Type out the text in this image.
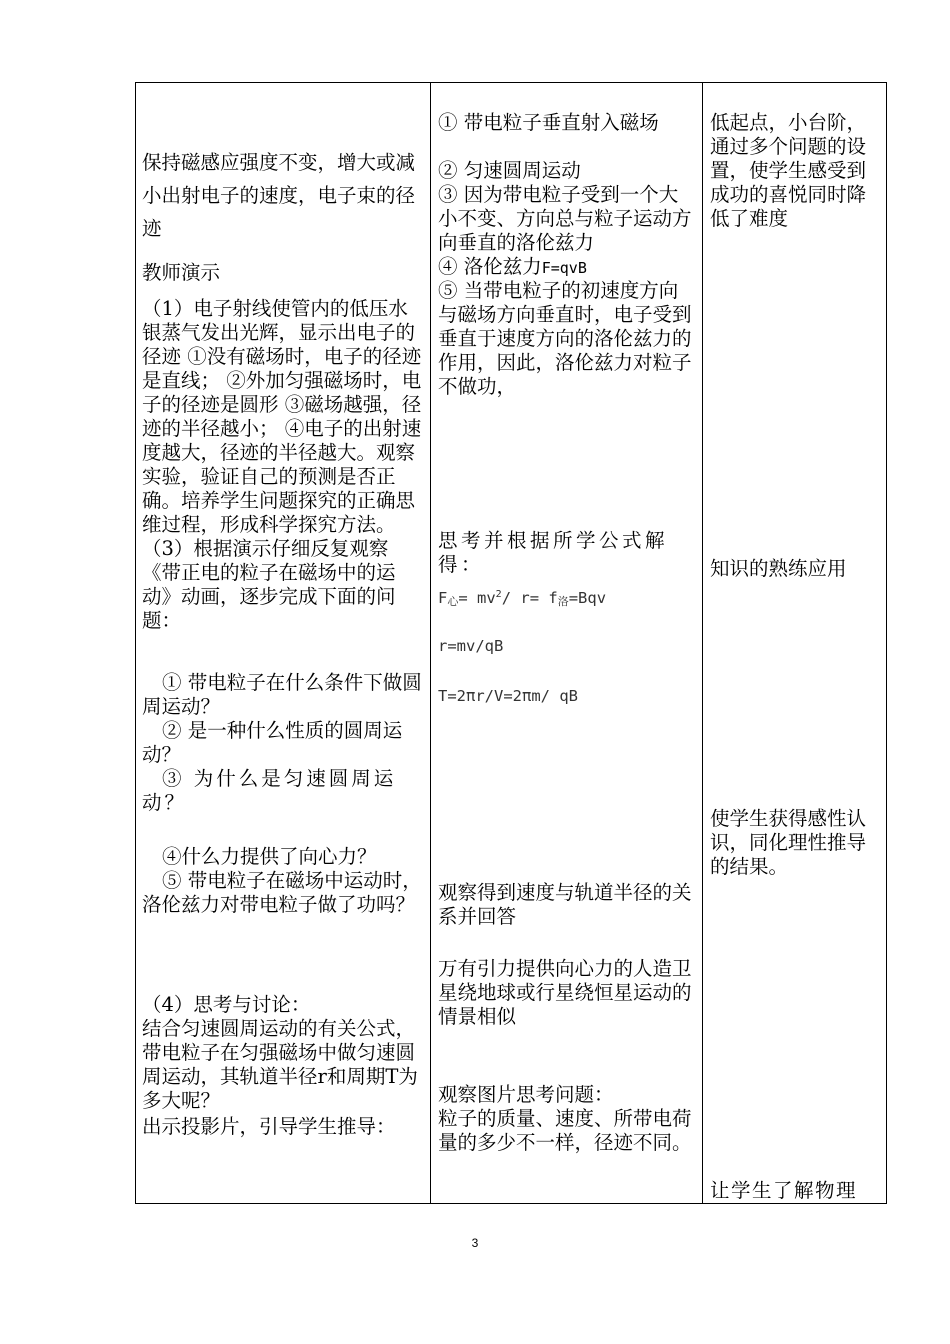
保持磁感应强度不变，增大或减小出射电子的速度，电子束的径迹

教师演示

（1）电子射线使管内的低压水银蒸气发出光辉，显示出电子的径迹 ①没有磁场时，电子的径迹是直线； ②外加匀强磁场时，电子的径迹是圆形 ③磁场越强，径迹的半径越小； ④电子的出射速度越大，径迹的半径越大。观察实验，验证自己的预测是否正确。培养学生问题探究的正确思维过程，形成科学探究方法。（3）根据演示仔细反复观察《带正电的粒子在磁场中的运动》动画，逐步完成下面的问题：

① 带电粒子在什么条件下做圆周运动？

② 是一种什么性质的圆周运动？

③ 为什么是匀速圆周运动？

④什么力提供了向心力？

⑤ 带电粒子在磁场中运动时，洛伦兹力对带电粒子做了功吗？

（4）思考与讨论：

结合匀速圆周运动的有关公式，带电粒子在匀强磁场中做匀速圆周运动，其轨道半径r和周期T为多大呢？

出示投影片，引导学生推导：

① 带电粒子垂直射入磁场

② 匀速圆周运动

③ 因为带电粒子受到一个大小不变、方向总与粒子运动方向垂直的洛伦兹力

④ 洛伦兹力F=qvB

⑤ 当带电粒子的初速度方向与磁场方向垂直时，电子受到垂直于速度方向的洛伦兹力的作用，因此，洛伦兹力对粒子不做功，

思考并根据所学公式解得：

$F_心= mv^2/$ $r= f_洛=Bqv$

r=mv/qB

T=2πr/V=2πm/ qB

观察得到速度与轨道半径的关系并回答

万有引力提供向心力的人造卫星绕地球或行星绕恒星运动的情景相似

观察图片思考问题：

粒子的质量、速度、所带电荷量的多少不一样，径迹不同。

低起点，小台阶，通过多个问题的设置，使学生感受到成功的喜悦同时降低了难度

知识的熟练应用

使学生获得感性认识，同化理性推导的结果。

让学生了解物理

3
